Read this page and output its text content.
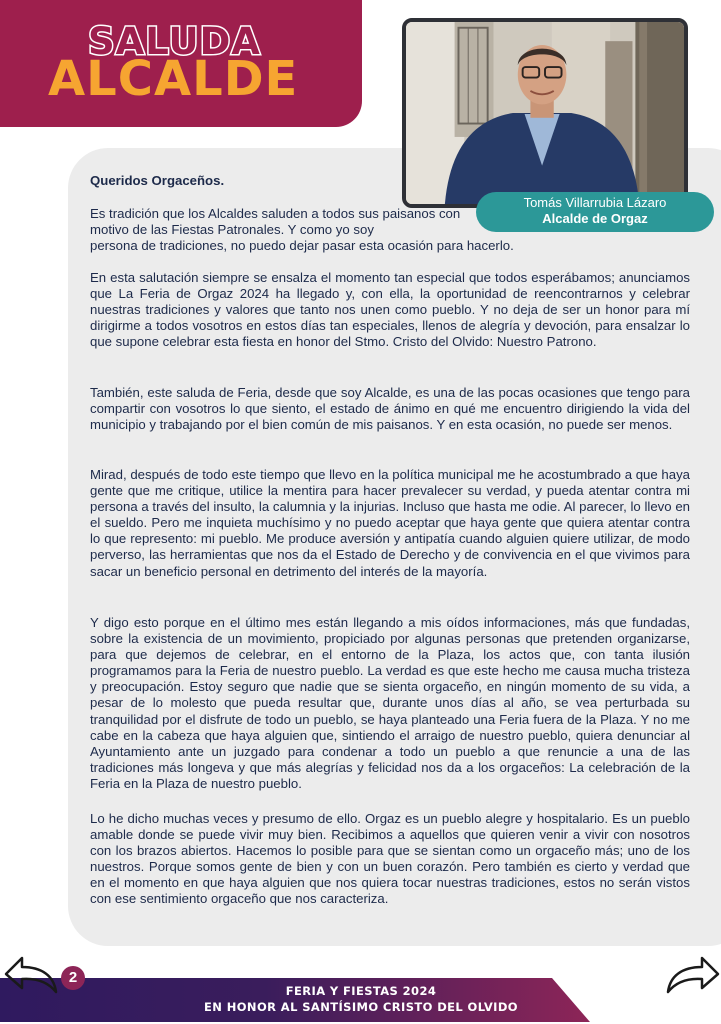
SALUDA
ALCALDE
Tomás Villarrubia Lázaro
Alcalde de Orgaz

Queridos Orgaceños.

Es tradición que los Alcaldes saluden a todos sus paisanos con motivo de las Fiestas Patronales. Y como yo soy

persona de tradiciones, no puedo dejar pasar esta ocasión para hacerlo.

En esta salutación siempre se ensalza el momento tan especial que todos esperábamos; anunciamos que La Feria de Orgaz 2024 ha llegado y, con ella, la oportunidad de reencontrarnos y celebrar nuestras tradiciones y valores que tanto nos unen como pueblo. Y no deja de ser un honor para mí dirigirme a todos vosotros en estos días tan especiales, llenos de alegría y devoción, para ensalzar lo que supone celebrar esta fiesta en honor del Stmo. Cristo del Olvido: Nuestro Patrono.

También, este saluda de Feria, desde que soy Alcalde, es una de las pocas ocasiones que tengo para compartir con vosotros lo que siento, el estado de ánimo en qué me encuentro dirigiendo la vida del municipio y trabajando por el bien común de mis paisanos. Y en esta ocasión, no puede ser menos.

Mirad, después de todo este tiempo que llevo en la política municipal me he acostumbrado a que haya gente que me critique, utilice la mentira para hacer prevalecer su verdad, y pueda atentar contra mi persona a través del insulto, la calumnia y la injurias. Incluso que hasta me odie. Al parecer, lo llevo en el sueldo. Pero me inquieta muchísimo y no puedo aceptar que haya gente que quiera atentar contra lo que represento: mi pueblo. Me produce aversión y antipatía cuando alguien quiere utilizar, de modo perverso, las herramientas que nos da el Estado de Derecho y de convivencia en el que vivimos para sacar un beneficio personal en detrimento del interés de la mayoría.

Y digo esto porque en el último mes están llegando a mis oídos informaciones, más que fundadas, sobre la existencia de un movimiento, propiciado por algunas personas que pretenden organizarse, para que dejemos de celebrar, en el entorno de la Plaza, los actos que, con tanta ilusión programamos para la Feria de nuestro pueblo. La verdad es que este hecho me causa mucha tristeza y preocupación. Estoy seguro que nadie que se sienta orgaceño, en ningún momento de su vida, a pesar de lo molesto que pueda resultar que, durante unos días al año, se vea perturbada su tranquilidad por el disfrute de todo un pueblo, se haya planteado una Feria fuera de la Plaza. Y no me cabe en la cabeza que haya alguien que, sintiendo el arraigo de nuestro pueblo, quiera denunciar al Ayuntamiento ante un juzgado para condenar a todo un pueblo a que renuncie a una de las tradiciones más longeva y que más alegrías y felicidad nos da a los orgaceños: La celebración de la Feria en la Plaza de nuestro pueblo.

Lo he dicho muchas veces y presumo de ello. Orgaz es un pueblo alegre y hospitalario. Es un pueblo amable donde se puede vivir muy bien. Recibimos a aquellos que quieren venir a vivir con nosotros con los brazos abiertos. Hacemos lo posible para que se sientan como un orgaceño más; uno de los nuestros. Porque somos gente de bien y con un buen corazón. Pero también es cierto y verdad que en el momento en que haya alguien que nos quiera tocar nuestras tradiciones, estos no serán vistos con ese sentimiento orgaceño que nos caracteriza.

FERIA Y FIESTAS 2024
EN HONOR AL SANTÍSIMO CRISTO DEL OLVIDO
2
